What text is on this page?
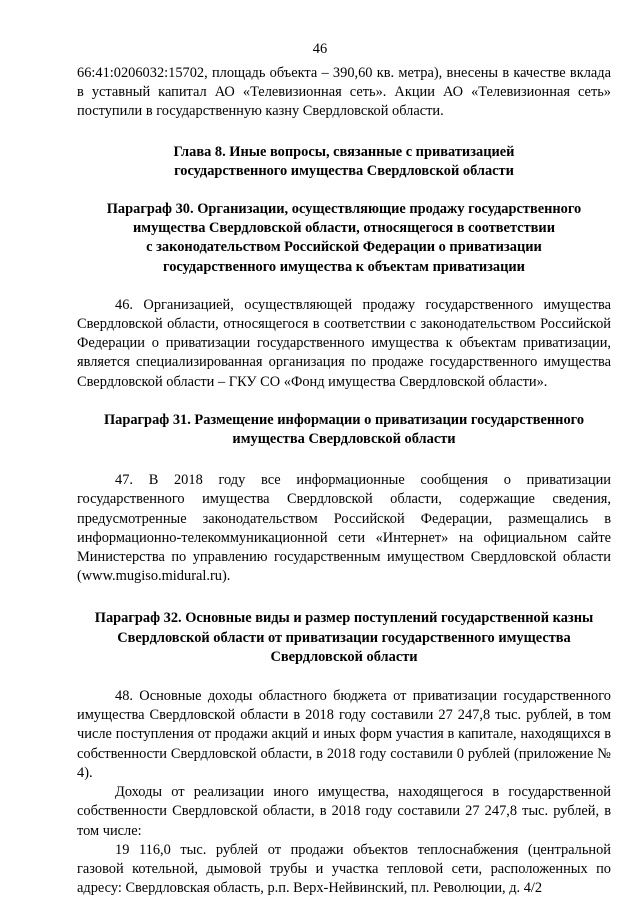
46

66:41:0206032:15702, площадь объекта – 390,60 кв. метра), внесены в качестве вклада в уставный капитал АО «Телевизионная сеть». Акции АО «Телевизионная сеть» поступили в государственную казну Свердловской области.

Глава 8. Иные вопросы, связанные с приватизацией
государственного имущества Свердловской области
Параграф 30. Организации, осуществляющие продажу государственного
имущества Свердловской области, относящегося в соответствии
с законодательством Российской Федерации о приватизации
государственного имущества к объектам приватизации

46. Организацией, осуществляющей продажу государственного имущества Свердловской области, относящегося в соответствии с законодательством Российской Федерации о приватизации государственного имущества к объектам приватизации, является специализированная организация по продаже государственного имущества Свердловской области – ГКУ СО «Фонд имущества Свердловской области».

Параграф 31. Размещение информации о приватизации государственного
имущества Свердловской области

47. В 2018 году все информационные сообщения о приватизации государственного имущества Свердловской области, содержащие сведения, предусмотренные законодательством Российской Федерации, размещались в информационно-телекоммуникационной сети «Интернет» на официальном сайте Министерства по управлению государственным имуществом Свердловской области (www.mugiso.midural.ru).

Параграф 32. Основные виды и размер поступлений государственной казны
Свердловской области от приватизации государственного имущества
Свердловской области

48. Основные доходы областного бюджета от приватизации государственного имущества Свердловской области в 2018 году составили 27 247,8 тыс. рублей, в том числе поступления от продажи акций и иных форм участия в капитале, находящихся в собственности Свердловской области, в 2018 году составили 0 рублей (приложение № 4).

Доходы от реализации иного имущества, находящегося в государственной собственности Свердловской области, в 2018 году составили 27 247,8 тыс. рублей, в том числе:

19 116,0 тыс. рублей от продажи объектов теплоснабжения (центральной газовой котельной, дымовой трубы и участка тепловой сети, расположенных по адресу: Свердловская область, р.п. Верх-Нейвинский, пл. Революции, д. 4/2
